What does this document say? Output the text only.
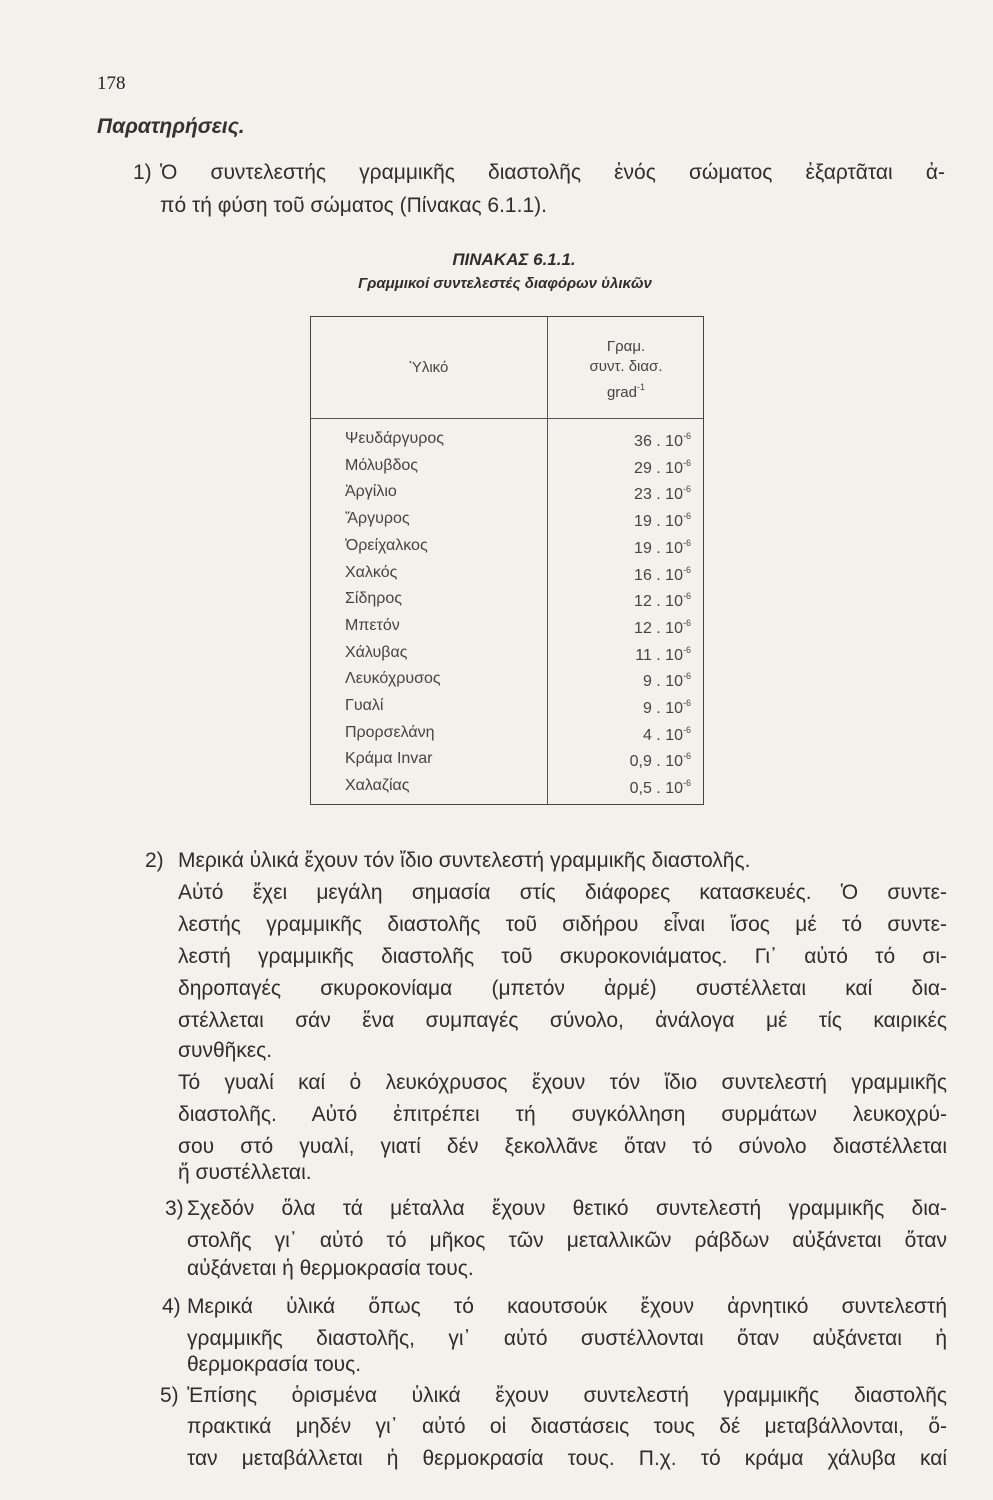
178
Παρατηρήσεις.
ΠΙΝΑΚΑΣ 6.1.1.
Γραμμικοί συντελεστές διαφόρων ὑλικῶν
Ὑλικό
Γραμ.
συντ. διασ.
grad$^{-1}$
Ψευδάργυρος	36 . $10^{-6}$
Μόλυβδος	29 . $10^{-6}$
Ἀργίλιο	23 . $10^{-6}$
Ἄργυρος	19 . $10^{-6}$
Ὀρείχαλκος	19 . $10^{-6}$
Χαλκός	16 . $10^{-6}$
Σίδηρος	12 . $10^{-6}$
Μπετόν	12 . $10^{-6}$
Χάλυβας	11 . $10^{-6}$
Λευκόχρυσος	9 . $10^{-6}$
Γυαλί	9 . $10^{-6}$
Προρσελάνη	4 . $10^{-6}$
Κράμα Invar	0,9 . $10^{-6}$
Χαλαζίας	0,5 . $10^{-6}$
1) Ὁ συντελεστής γραμμικῆς διαστολῆς ἑνός σώματος ἐξαρτᾶται ἀ-
πό τή φύση τοῦ σώματος (Πίνακας 6.1.1).
2) Μερικά ὑλικά ἔχουν τόν ἴδιο συντελεστή γραμμικῆς διαστολῆς.
Αὐτό ἔχει μεγάλη σημασία στίς διάφορες κατασκευές. Ὁ συντε-
λεστής γραμμικῆς διαστολῆς τοῦ σιδήρου εἶναι ἴσος μέ τό συντε-
λεστή γραμμικῆς διαστολῆς τοῦ σκυροκονιάματος. Γι᾽ αὐτό τό σι-
δηροπαγές σκυροκονίαμα (μπετόν ἀρμέ) συστέλλεται καί δια-
στέλλεται σάν ἕνα συμπαγές σύνολο, ἀνάλογα μέ τίς καιρικές
συνθῆκες.
Τό γυαλί καί ὁ λευκόχρυσος ἔχουν τόν ἴδιο συντελεστή γραμμικῆς
διαστολῆς. Αὐτό ἐπιτρέπει τή συγκόλληση συρμάτων λευκοχρύ-
σου στό γυαλί, γιατί δέν ξεκολλᾶνε ὅταν τό σύνολο διαστέλλεται
ἤ συστέλλεται.
3) Σχεδόν ὅλα τά μέταλλα ἔχουν θετικό συντελεστή γραμμικῆς δια-
στολῆς γι᾽ αὐτό τό μῆκος τῶν μεταλλικῶν ράβδων αὐξάνεται ὅταν
αὐξάνεται ἡ θερμοκρασία τους.
4) Μερικά ὑλικά ὅπως τό καουτσούκ ἔχουν ἀρνητικό συντελεστή
γραμμικῆς διαστολῆς, γι᾽ αὐτό συστέλλονται ὅταν αὐξάνεται ἡ
θερμοκρασία τους.
5) Ἐπίσης ὁρισμένα ὑλικά ἔχουν συντελεστή γραμμικῆς διαστολῆς
πρακτικά μηδέν γι᾽ αὐτό οἱ διαστάσεις τους δέ μεταβάλλονται, ὅ-
ταν μεταβάλλεται ἡ θερμοκρασία τους. Π.χ. τό κράμα χάλυβα καί
